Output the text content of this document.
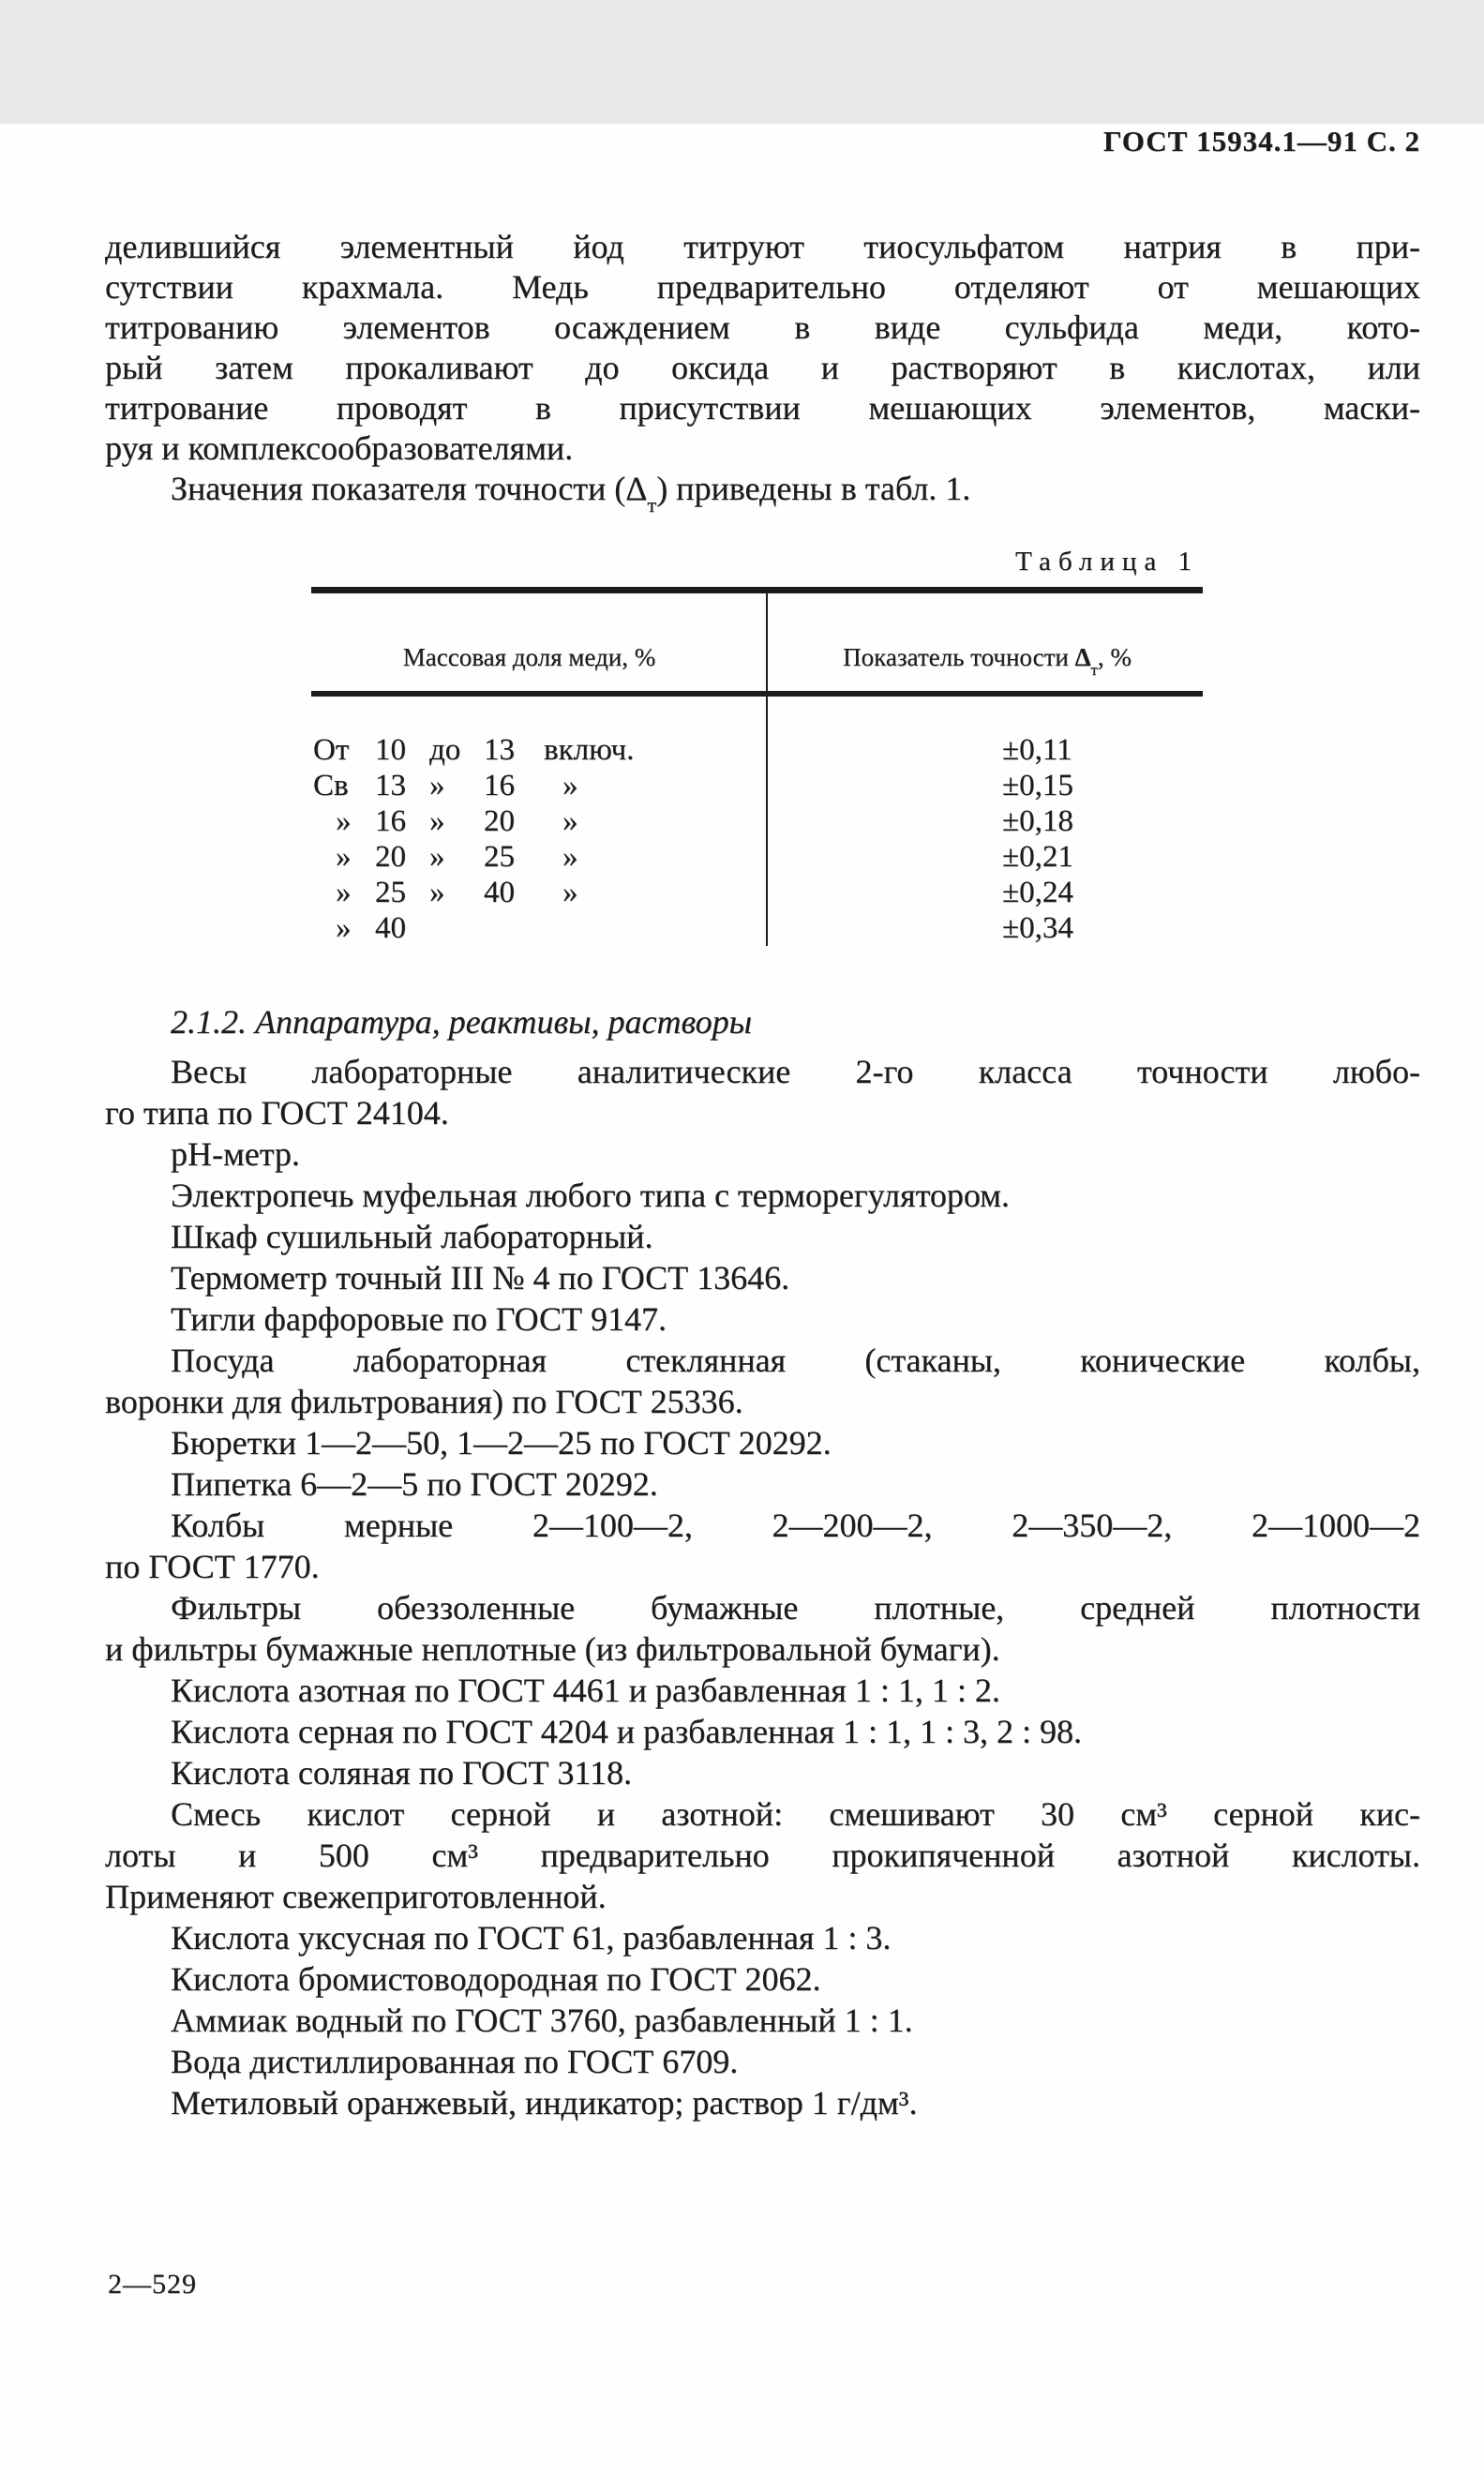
ГОСТ 15934.1—91 С. 2
делившийся элементный йод титруют тиосульфатом натрия в при-
сутствии крахмала. Медь предварительно отделяют от мешающих
титрованию элементов осаждением в виде сульфида меди, кото-
рый затем прокаливают до оксида и растворяют в кислотах, или
титрование проводят в присутствии мешающих элементов, маски-
руя и комплексообразователями.
Значения показателя точности $(\Delta_т)$ приведены в табл. 1.
Таблица 1
Массовая доля меди, %	Показатель точности $\Delta_т$, %
От 10 до 13 включ.	±0,11
Св 13 » 16 »	±0,15
» 16 » 20 »	±0,18
» 20 » 25 »	±0,21
» 25 » 40 »	±0,24
» 40	±0,34
2.1.2. Аппаратура, реактивы, растворы
Весы лабораторные аналитические 2-го класса точности любо-
го типа по ГОСТ 24104.
рН-метр.
Электропечь муфельная любого типа с терморегулятором.
Шкаф сушильный лабораторный.
Термометр точный III № 4 по ГОСТ 13646.
Тигли фарфоровые по ГОСТ 9147.
Посуда лабораторная стеклянная (стаканы, конические колбы,
воронки для фильтрования) по ГОСТ 25336.
Бюретки 1—2—50, 1—2—25 по ГОСТ 20292.
Пипетка 6—2—5 по ГОСТ 20292.
Колбы мерные 2—100—2, 2—200—2, 2—350—2, 2—1000—2
по ГОСТ 1770.
Фильтры обеззоленные бумажные плотные, средней плотности
и фильтры бумажные неплотные (из фильтровальной бумаги).
Кислота азотная по ГОСТ 4461 и разбавленная 1 : 1, 1 : 2.
Кислота серная по ГОСТ 4204 и разбавленная 1 : 1, 1 : 3, 2 : 98.
Кислота соляная по ГОСТ 3118.
Смесь кислот серной и азотной: смешивают 30 см³ серной кис-
лоты и 500 см³ предварительно прокипяченной азотной кислоты.
Применяют свежеприготовленной.
Кислота уксусная по ГОСТ 61, разбавленная 1 : 3.
Кислота бромистоводородная по ГОСТ 2062.
Аммиак водный по ГОСТ 3760, разбавленный 1 : 1.
Вода дистиллированная по ГОСТ 6709.
Метиловый оранжевый, индикатор; раствор 1 г/дм³.
2—529
